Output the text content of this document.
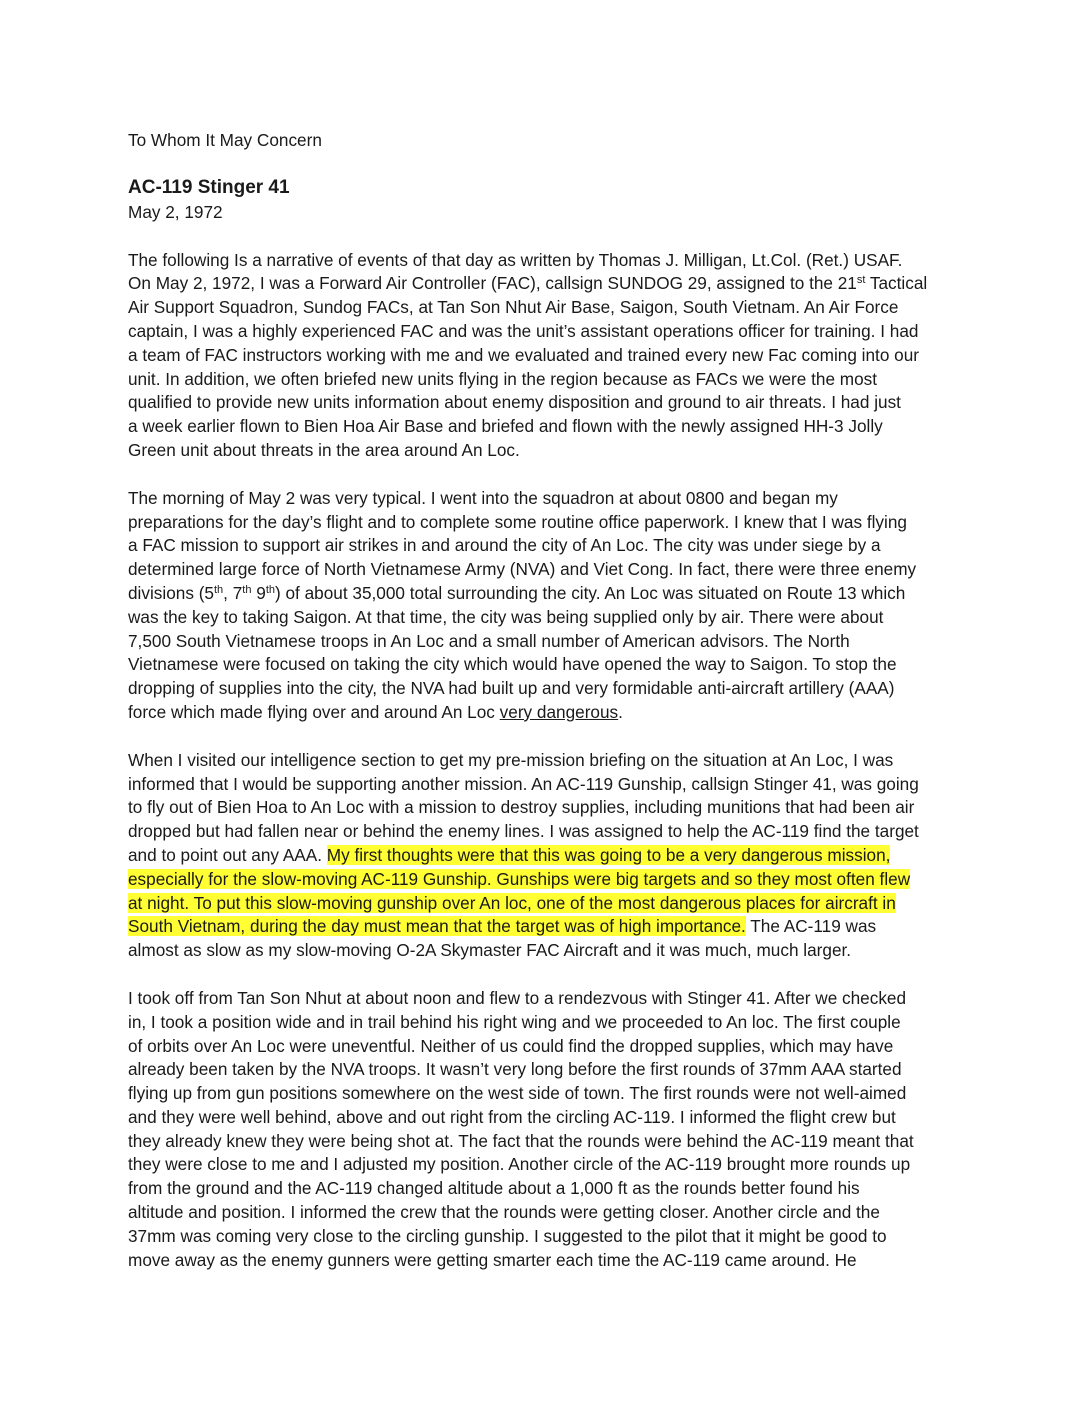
To Whom It May Concern

AC-119 Stinger 41

May 2, 1972

The following Is a narrative of events of that day as written by Thomas J. Milligan, Lt.Col. (Ret.) USAF.
On May 2, 1972, I was a Forward Air Controller (FAC), callsign SUNDOG 29, assigned to the 21st Tactical
Air Support Squadron, Sundog FACs, at Tan Son Nhut Air Base, Saigon, South Vietnam. An Air Force
captain, I was a highly experienced FAC and was the unit’s assistant operations officer for training. I had
a team of FAC instructors working with me and we evaluated and trained every new Fac coming into our
unit. In addition, we often briefed new units flying in the region because as FACs we were the most
qualified to provide new units information about enemy disposition and ground to air threats. I had just
a week earlier flown to Bien Hoa Air Base and briefed and flown with the newly assigned HH-3 Jolly
Green unit about threats in the area around An Loc.

The morning of May 2 was very typical. I went into the squadron at about 0800 and began my
preparations for the day’s flight and to complete some routine office paperwork. I knew that I was flying
a FAC mission to support air strikes in and around the city of An Loc. The city was under siege by a
determined large force of North Vietnamese Army (NVA) and Viet Cong. In fact, there were three enemy
divisions (5th, 7th 9th) of about 35,000 total surrounding the city. An Loc was situated on Route 13 which
was the key to taking Saigon. At that time, the city was being supplied only by air. There were about
7,500 South Vietnamese troops in An Loc and a small number of American advisors. The North
Vietnamese were focused on taking the city which would have opened the way to Saigon. To stop the
dropping of supplies into the city, the NVA had built up and very formidable anti-aircraft artillery (AAA)
force which made flying over and around An Loc very dangerous.

When I visited our intelligence section to get my pre-mission briefing on the situation at An Loc, I was
informed that I would be supporting another mission. An AC-119 Gunship, callsign Stinger 41, was going
to fly out of Bien Hoa to An Loc with a mission to destroy supplies, including munitions that had been air
dropped but had fallen near or behind the enemy lines. I was assigned to help the AC-119 find the target
and to point out any AAA. My first thoughts were that this was going to be a very dangerous mission,
especially for the slow-moving AC-119 Gunship. Gunships were big targets and so they most often flew
at night. To put this slow-moving gunship over An loc, one of the most dangerous places for aircraft in
South Vietnam, during the day must mean that the target was of high importance. The AC-119 was
almost as slow as my slow-moving O-2A Skymaster FAC Aircraft and it was much, much larger.

I took off from Tan Son Nhut at about noon and flew to a rendezvous with Stinger 41. After we checked
in, I took a position wide and in trail behind his right wing and we proceeded to An loc. The first couple
of orbits over An Loc were uneventful. Neither of us could find the dropped supplies, which may have
already been taken by the NVA troops. It wasn’t very long before the first rounds of 37mm AAA started
flying up from gun positions somewhere on the west side of town. The first rounds were not well-aimed
and they were well behind, above and out right from the circling AC-119. I informed the flight crew but
they already knew they were being shot at. The fact that the rounds were behind the AC-119 meant that
they were close to me and I adjusted my position. Another circle of the AC-119 brought more rounds up
from the ground and the AC-119 changed altitude about a 1,000 ft as the rounds better found his
altitude and position. I informed the crew that the rounds were getting closer. Another circle and the
37mm was coming very close to the circling gunship. I suggested to the pilot that it might be good to
move away as the enemy gunners were getting smarter each time the AC-119 came around. He
